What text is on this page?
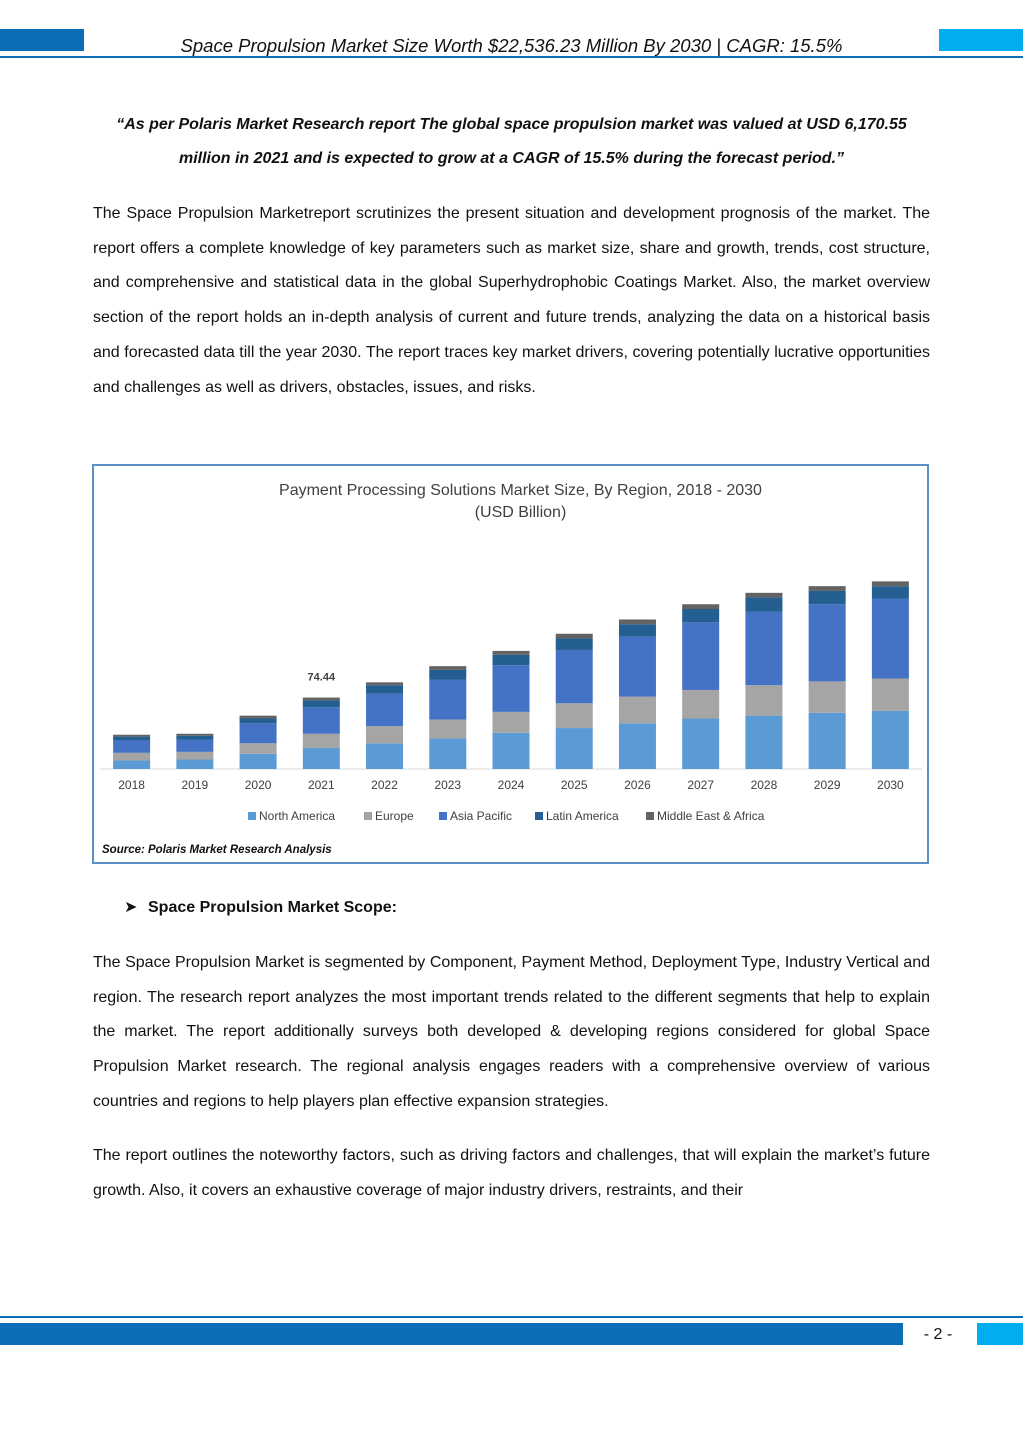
Space Propulsion Market Size Worth $22,536.23 Million By 2030 | CAGR: 15.5%
“As per Polaris Market Research report The global space propulsion market was valued at USD 6,170.55 million in 2021 and is expected to grow at a CAGR of 15.5% during the forecast period.”

The Space Propulsion Marketreport scrutinizes the present situation and development prognosis of the market. The report offers a complete knowledge of key parameters such as market size, share and growth, trends, cost structure, and comprehensive and statistical data in the global Superhydrophobic Coatings Market. Also, the market overview section of the report holds an in-depth analysis of current and future trends, analyzing the data on a historical basis and forecasted data till the year 2030. The report traces key market drivers, covering potentially lucrative opportunities and challenges as well as drivers, obstacles, issues, and risks.

Payment Processing Solutions Market Size, By Region, 2018 - 2030
(USD Billion)
2018	2019	2020	2021
74.44
2022	2023	2024	2025	2026	2027	2028	2029	2030
North America	Europe	Asia Pacific	Latin America	Middle East & Africa
Source: Polaris Market Research Analysis
➤ Space Propulsion Market Scope:

The Space Propulsion Market is segmented by Component, Payment Method, Deployment Type, Industry Vertical and region. The research report analyzes the most important trends related to the different segments that help to explain the market. The report additionally surveys both developed & developing regions considered for global Space Propulsion Market research. The regional analysis engages readers with a comprehensive overview of various countries and regions to help players plan effective expansion strategies.

The report outlines the noteworthy factors, such as driving factors and challenges, that will explain the market’s future growth. Also, it covers an exhaustive coverage of major industry drivers, restraints, and their

- 2 -
